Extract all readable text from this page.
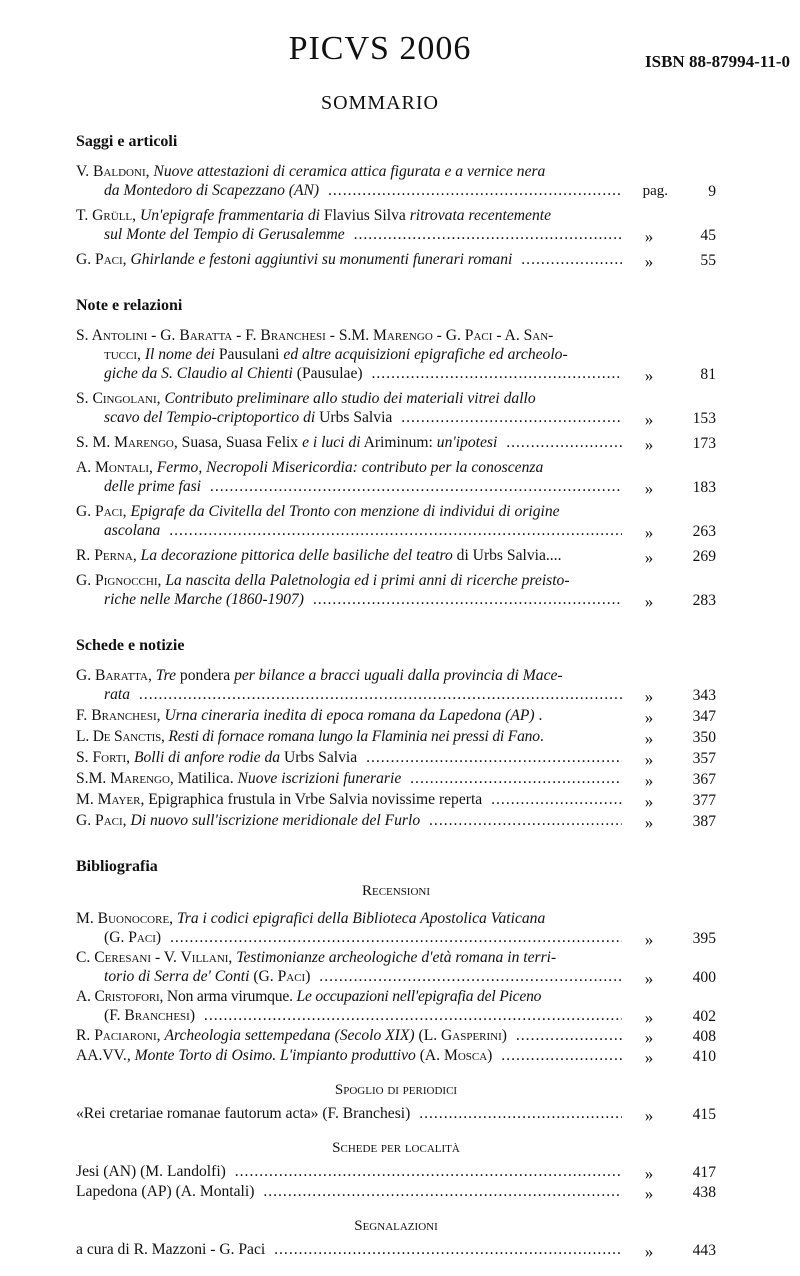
PICVS 2006	ISBN 88-87994-11-0
SOMMARIO
Saggi e articoli
V. Baldoni, Nuove attestazioni di ceramica attica figurata e a vernice nera
da Montedoro di Scapezzano (AN) .....	pag.	9
T. Grüll, Un'epigrafe frammentaria di Flavius Silva ritrovata recentemente
sul Monte del Tempio di Gerusalemme .....	»	45
G. Paci, Ghirlande e festoni aggiuntivi su monumenti funerari romani .....	»	55
Note e relazioni
S. Antolini - G. Baratta - F. Branchesi - S.M. Marengo - G. Paci - A. San-
tucci, Il nome dei Pausulani ed altre acquisizioni epigrafiche ed archeolo-
giche da S. Claudio al Chienti (Pausulae) .....	»	81
S. Cingolani, Contributo preliminare allo studio dei materiali vitrei dallo
scavo del Tempio-criptoportico di Urbs Salvia .....	»	153
S. M. Marengo, Suasa, Suasa Felix e i luci di Ariminum: un'ipotesi .....	»	173
A. Montali, Fermo, Necropoli Misericordia: contributo per la conoscenza
delle prime fasi .....	»	183
G. Paci, Epigrafe da Civitella del Tronto con menzione di individui di origine
ascolana .....	»	263
R. Perna, La decorazione pittorica delle basiliche del teatro di Urbs Salvia....	»	269
G. Pignocchi, La nascita della Paletnologia ed i primi anni di ricerche preisto-
riche nelle Marche (1860-1907) .....	»	283
Schede e notizie
G. Baratta, Tre pondera per bilance a bracci uguali dalla provincia di Mace-
rata .....	»	343
F. Branchesi, Urna cineraria inedita di epoca romana da Lapedona (AP) .	»	347
L. De Sanctis, Resti di fornace romana lungo la Flaminia nei pressi di Fano.	»	350
S. Forti, Bolli di anfore rodie da Urbs Salvia .....	»	357
S.M. Marengo, Matilica. Nuove iscrizioni funerarie .....	»	367
M. Mayer, Epigraphica frustula in Vrbe Salvia novissime reperta .....	»	377
G. Paci, Di nuovo sull'iscrizione meridionale del Furlo .....	»	387
Bibliografia
Recensioni
M. Buonocore, Tra i codici epigrafici della Biblioteca Apostolica Vaticana
(G. Paci) .....	»	395
C. Ceresani - V. Villani, Testimonianze archeologiche d'età romana in terri-
torio di Serra de' Conti (G. Paci) .....	»	400
A. Cristofori, Non arma virumque. Le occupazioni nell'epigrafia del Piceno
(F. Branchesi) .....	»	402
R. Paciaroni, Archeologia settempedana (Secolo XIX) (L. Gasperini) .....	»	408
AA.VV., Monte Torto di Osimo. L'impianto produttivo (A. Mosca) .....	»	410
Spoglio di periodici
«Rei cretariae romanae fautorum acta» (F. Branchesi) .....	»	415
Schede per località
Jesi (AN) (M. Landolfi) .....	»	417
Lapedona (AP) (A. Montali) .....	»	438
Segnalazioni
a cura di R. Mazzoni - G. Paci .....	»	443
